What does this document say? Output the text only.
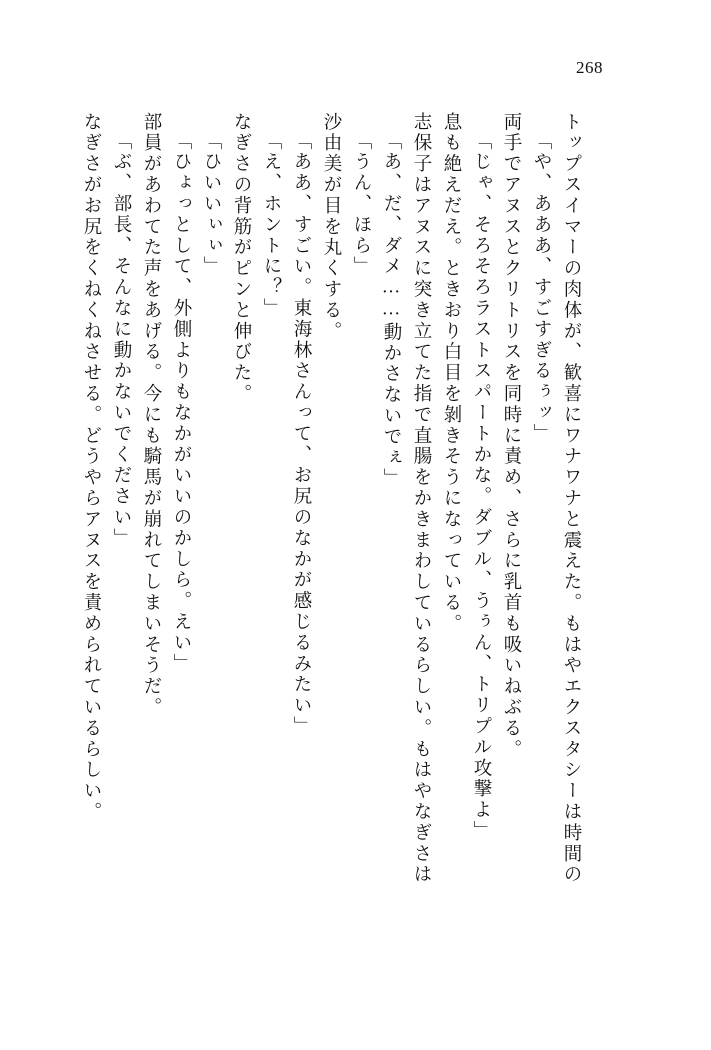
268
なぎさがお尻をくねくねさせる。どうやらアヌスを責められているらしい。 「ぶ、部長、そんなに動かないでください」 部員があわてた声をあげる。今にも騎馬が崩れてしまいそうだ。 「ひょっとして、外側よりもなかがいいのかしら。えい」 「ひいいぃぃ」 なぎさの背筋がピンと伸びた。 「え、ホントに？」 「ああ、すごい。東海林さんって、お尻のなかが感じるみたい」 沙由美が目を丸くする。 「うん、ほら」 「あ、だ、ダメ……動かさないでぇ」 志保子はアヌスに突き立てた指で直腸をかきまわしているらしい。もはやなぎさは 息も絶えだえ。ときおり白目を剝きそうになっている。 「じゃ、そろそろラストスパートかな。ダブル、うぅん、トリプル攻撃よ」 両手でアヌスとクリトリスを同時に責め、さらに乳首も吸いねぶる。 「や、あああ、すごすぎるぅッ」 トップスイマーの肉体が、歓喜にワナワナと震えた。もはやエクスタシーは時間の
